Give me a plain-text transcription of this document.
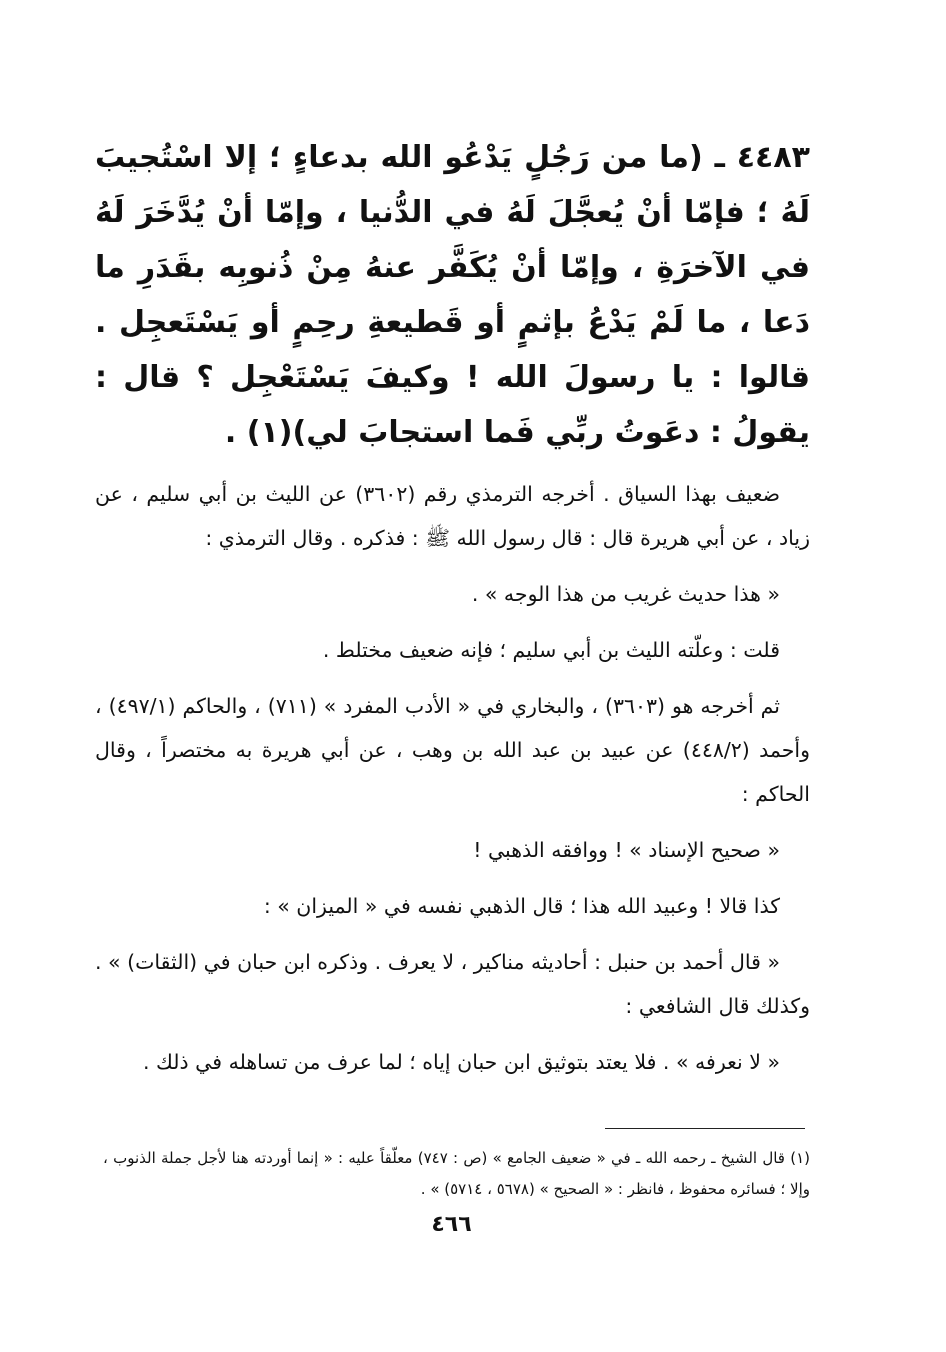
٤٤٨٣ ـ (ما من رَجُلٍ يَدْعُو الله بدعاءٍ ؛ إلا اسْتُجيبَ لَهُ ؛ فإمّا أنْ يُعجَّلَ لَهُ في الدُّنيا ، وإمّا أنْ يُدَّخَرَ لَهُ في الآخرَةِ ، وإمّا أنْ يُكَفَّر عنهُ مِنْ ذُنوبِه بقَدَرِ ما دَعا ، ما لَمْ يَدْعُ بإثمٍ أو قَطيعةِ رحِمٍ أو يَسْتَعجِل . قالوا : يا رسولَ الله ! وكيفَ يَسْتَعْجِل ؟ قال : يقولُ : دعَوتُ ربِّي فَما استجابَ لي)(١) .

ضعيف بهذا السياق . أخرجه الترمذي رقم (٣٦٠٢) عن الليث بن أبي سليم ، عن زياد ، عن أبي هريرة قال : قال رسول الله ﷺ : فذكره . وقال الترمذي :

« هذا حديث غريب من هذا الوجه » .

قلت : وعلّته الليث بن أبي سليم ؛ فإنه ضعيف مختلط .

ثم أخرجه هو (٣٦٠٣) ، والبخاري في « الأدب المفرد » (٧١١) ، والحاكم (٤٩٧/١) ، وأحمد (٤٤٨/٢) عن عبيد بن عبد الله بن وهب ، عن أبي هريرة به مختصراً ، وقال الحاكم :

« صحيح الإسناد » ! ووافقه الذهبي !

كذا قالا ! وعبيد الله هذا ؛ قال الذهبي نفسه في « الميزان » :

« قال أحمد بن حنبل : أحاديثه مناكير ، لا يعرف . وذكره ابن حبان في (الثقات) » . وكذلك قال الشافعي :

« لا نعرفه » . فلا يعتد بتوثيق ابن حبان إياه ؛ لما عرف من تساهله في ذلك .

(١) قال الشيخ ـ رحمه الله ـ في « ضعيف الجامع » (ص : ٧٤٧) معلّقاً عليه : « إنما أوردته هنا لأجل جملة الذنوب ، وإلا ؛ فسائره محفوظ ، فانظر : « الصحيح » (٥٦٧٨ ، ٥٧١٤) » .

٤٦٦
